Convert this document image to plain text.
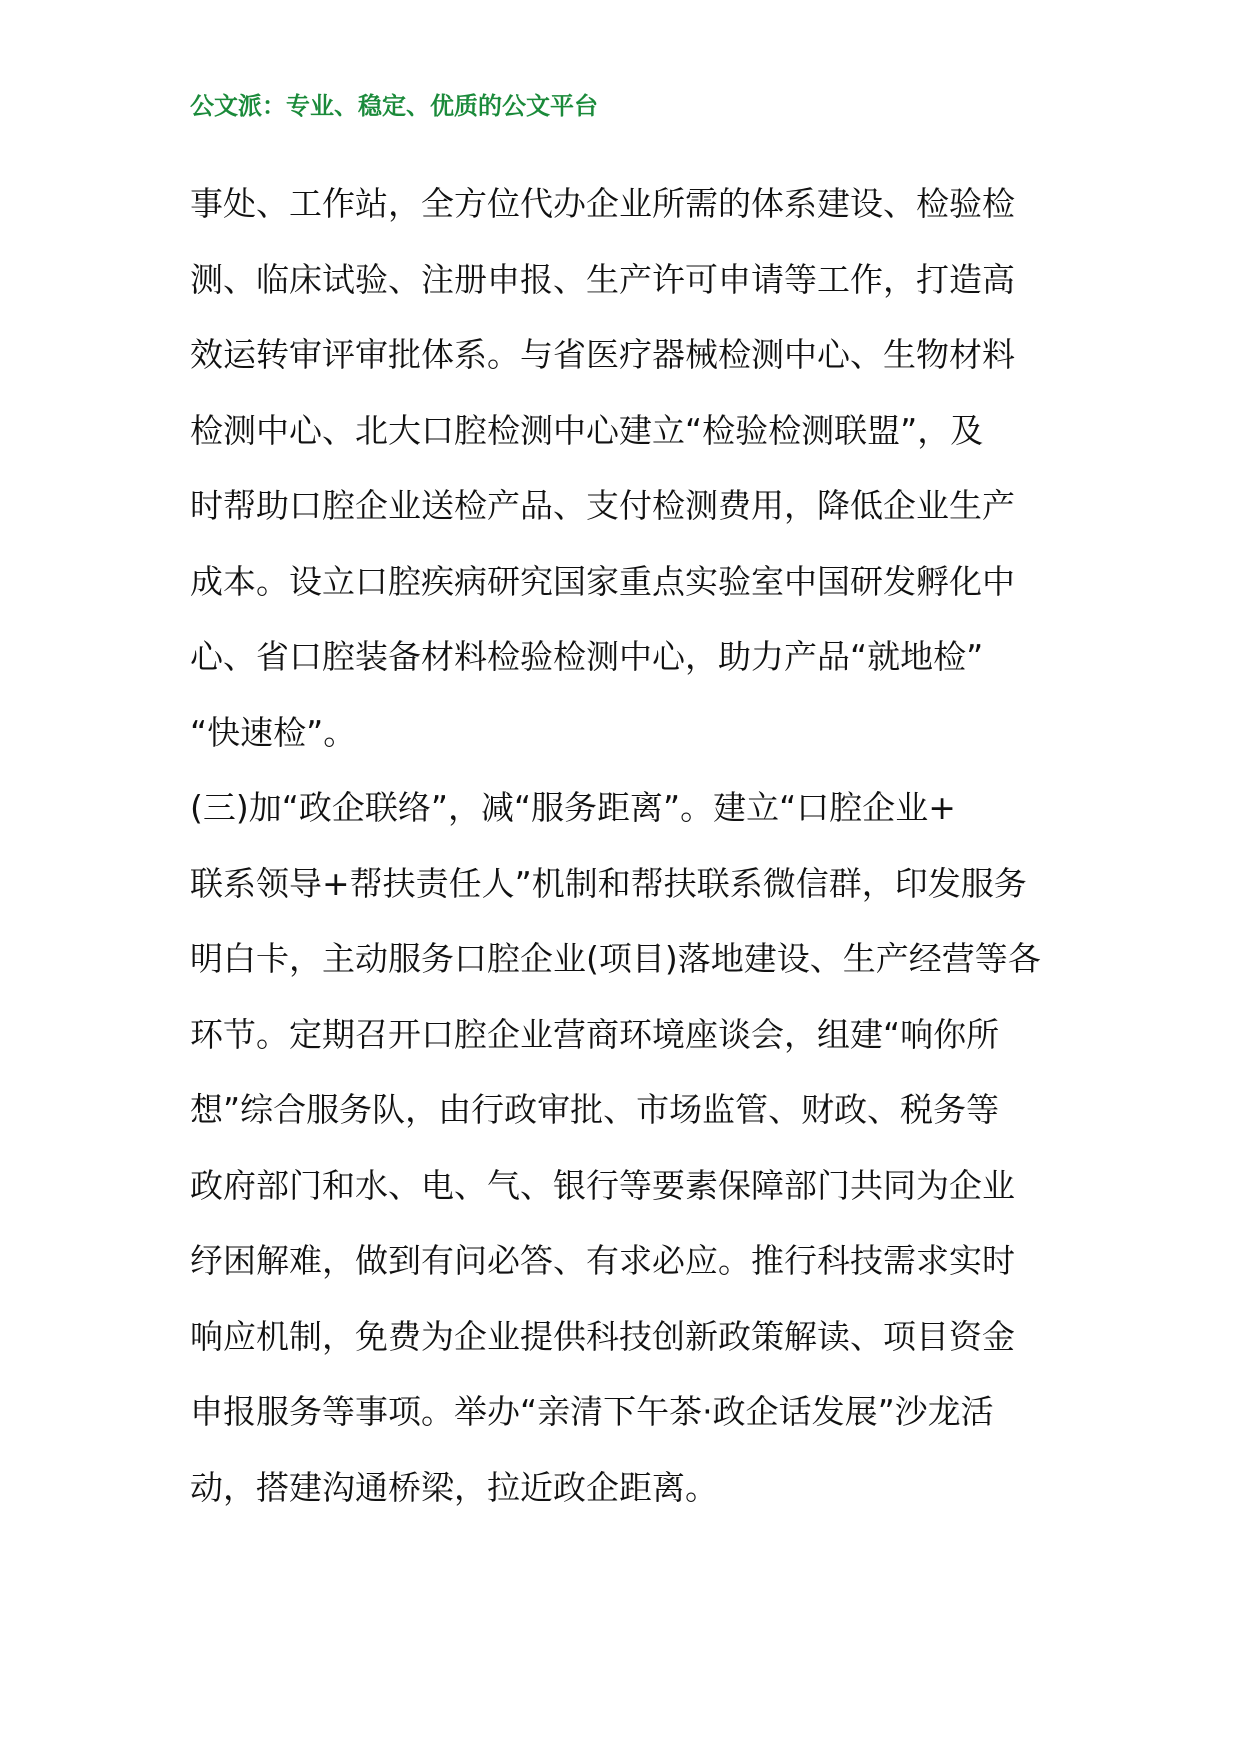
公文派：专业、稳定、优质的公文平台
事处、工作站，全方位代办企业所需的体系建设、检验检
测、临床试验、注册申报、生产许可申请等工作，打造高
效运转审评审批体系。与省医疗器械检测中心、生物材料
检测中心、北大口腔检测中心建立“检验检测联盟”，及
时帮助口腔企业送检产品、支付检测费用，降低企业生产
成本。设立口腔疾病研究国家重点实验室中国研发孵化中
心、省口腔装备材料检验检测中心，助力产品“就地检”
“快速检”。
(三)加“政企联络”，减“服务距离”。建立“口腔企业+
联系领导+帮扶责任人”机制和帮扶联系微信群，印发服务
明白卡，主动服务口腔企业(项目)落地建设、生产经营等各
环节。定期召开口腔企业营商环境座谈会，组建“响你所
想”综合服务队，由行政审批、市场监管、财政、税务等
政府部门和水、电、气、银行等要素保障部门共同为企业
纾困解难，做到有问必答、有求必应。推行科技需求实时
响应机制，免费为企业提供科技创新政策解读、项目资金
申报服务等事项。举办“亲清下午茶·政企话发展”沙龙活
动，搭建沟通桥梁，拉近政企距离。
